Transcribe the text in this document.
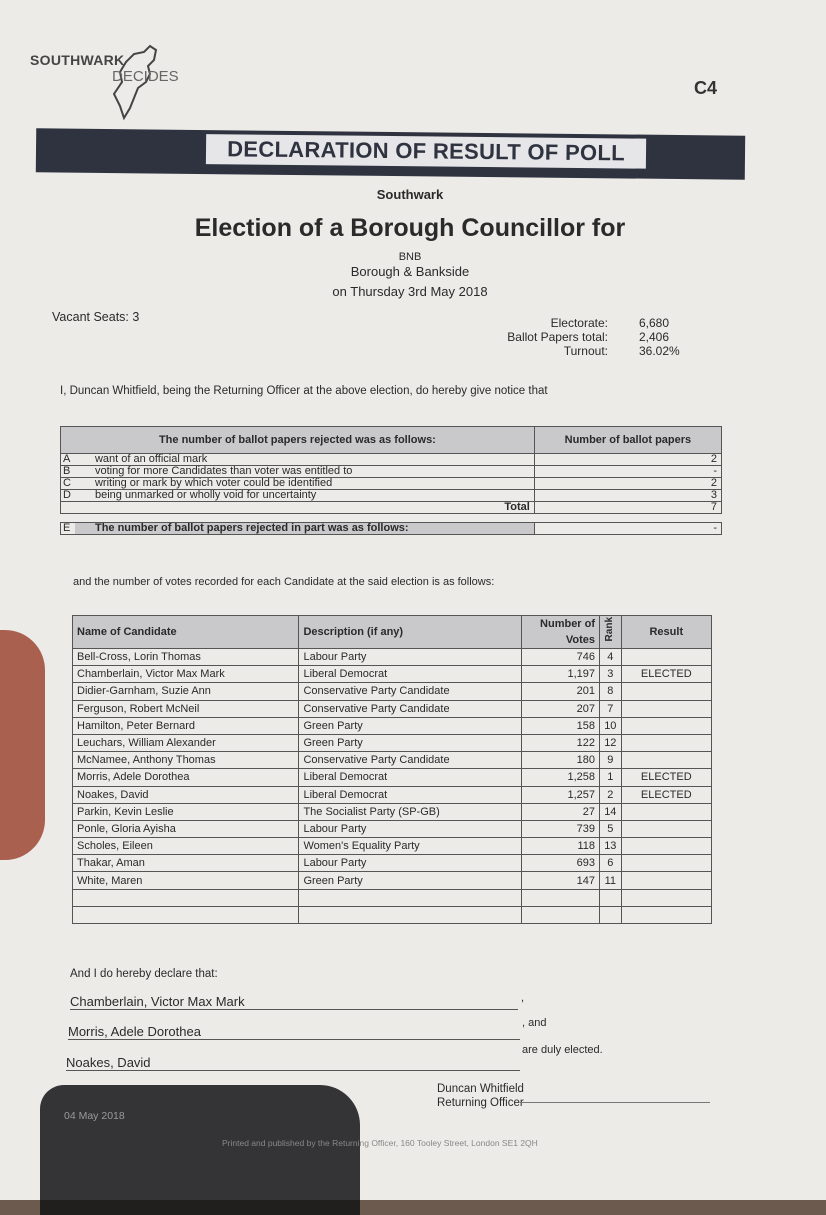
SOUTHWARK
DECIDES
C4
DECLARATION OF RESULT OF POLL
Southwark
Election of a Borough Councillor for
BNB
Borough & Bankside
on Thursday 3rd May 2018
Vacant Seats: 3	Electorate:	6,680
Ballot Papers total:	2,406
Turnout:	36.02%
I, Duncan Whitfield, being the Returning Officer at the above election, do hereby give notice that
The number of ballot papers rejected was as follows:		Number of ballot papers
A	want of an official mark	2
B	voting for more Candidates than voter was entitled to	-
C	writing or mark by which voter could be identified	2
D	being unmarked or wholly void for uncertainty	3
Total		7

E	The number of ballot papers rejected in part was as follows:	-
and the number of votes recorded for each Candidate at the said election is as follows:
Name of Candidate	Description (if any)	Number of Votes	Rank	Result
Bell-Cross, Lorin Thomas	Labour Party	746	4	
Chamberlain, Victor Max Mark	Liberal Democrat	1,197	3	ELECTED
Didier-Garnham, Suzie Ann	Conservative Party Candidate	201	8	
Ferguson, Robert McNeil	Conservative Party Candidate	207	7	
Hamilton, Peter Bernard	Green Party	158	10	
Leuchars, William Alexander	Green Party	122	12	
McNamee, Anthony Thomas	Conservative Party Candidate	180	9	
Morris, Adele Dorothea	Liberal Democrat	1,258	1	ELECTED
Noakes, David	Liberal Democrat	1,257	2	ELECTED
Parkin, Kevin Leslie	The Socialist Party (SP-GB)	27	14	
Ponle, Gloria Ayisha	Labour Party	739	5	
Scholes, Eileen	Women's Equality Party	118	13	
Thakar, Aman	Labour Party	693	6	
White, Maren	Green Party	147	11	

And I do hereby declare that:
Chamberlain, Victor Max Mark	,
Morris, Adele Dorothea
, and
Noakes, David
are duly elected.
Duncan Whitfield
Returning Officer
04 May 2018
Printed and published by the Returning Officer, 160 Tooley Street, London SE1 2QH
